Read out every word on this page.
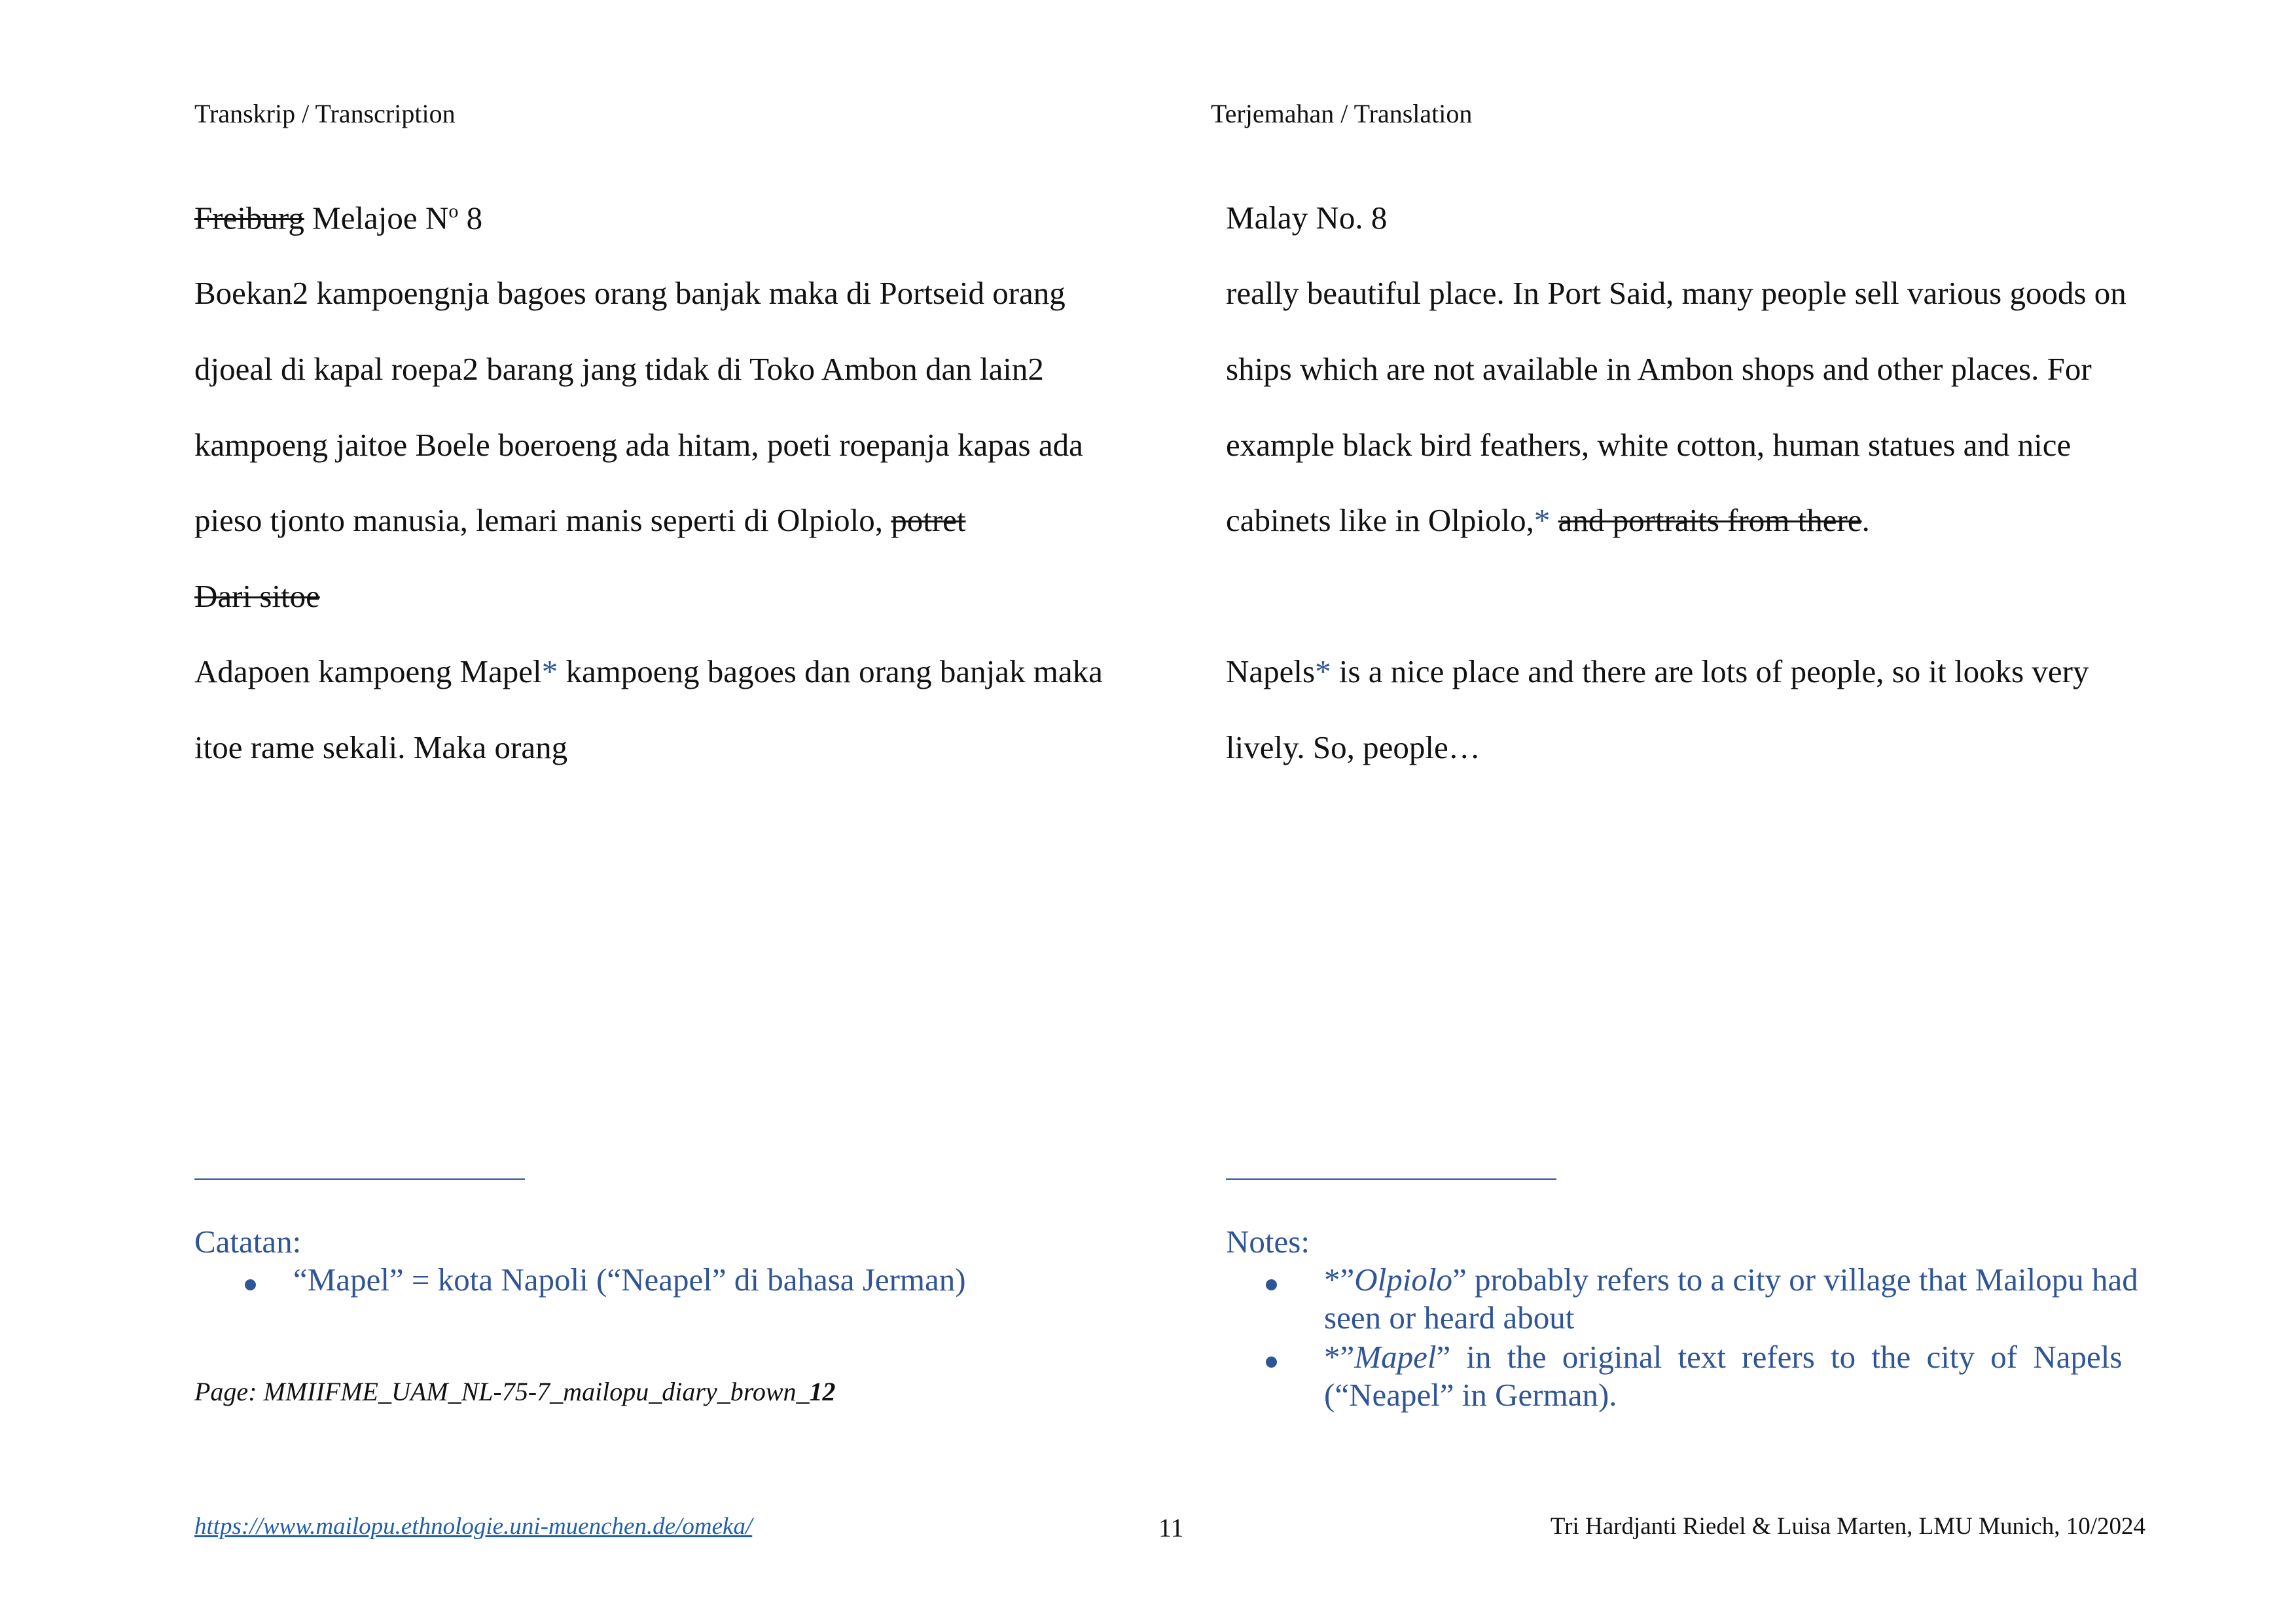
Transkrip / Transcription	Terjemahan / Translation
Freiburg Melajoe $N^o$ 8
Boekan2 kampoengnja bagoes orang banjak maka di Portseid orang
djoeal di kapal roepa2 barang jang tidak di Toko Ambon dan lain2
kampoeng jaitoe Boele boeroeng ada hitam, poeti roepanja kapas ada
pieso tjonto manusia, lemari manis seperti di Olpiolo, potret
Dari sitoe
Adapoen kampoeng Mapel* kampoeng bagoes dan orang banjak maka
itoe rame sekali. Maka orang
Catatan:
“Mapel” = kota Napoli (“Neapel” di bahasa Jerman)
Page: MMIIFME_UAM_NL-75-7_mailopu_diary_brown_12
Malay No. 8
really beautiful place. In Port Said, many people sell various goods on
ships which are not available in Ambon shops and other places. For
example black bird feathers, white cotton, human statues and nice
cabinets like in Olpiolo,* and portraits from there.
Napels* is a nice place and there are lots of people, so it looks very
lively. So, people…
Notes:
*”Olpiolo” probably refers to a city or village that Mailopu had
seen or heard about
*”Mapel” in the original text refers to the city of Napels
(“Neapel” in German).
https://www.mailopu.ethnologie.uni-muenchen.de/omeka/	11	Tri Hardjanti Riedel & Luisa Marten, LMU Munich, 10/2024
